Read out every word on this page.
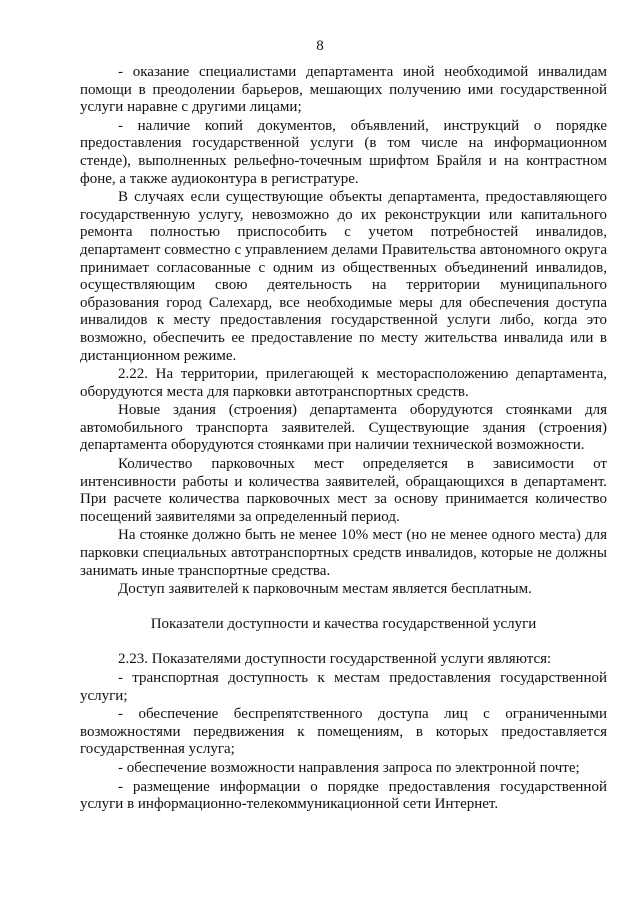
8

- оказание специалистами департамента иной необходимой инвалидам помощи в преодолении барьеров, мешающих получению ими государственной услуги наравне с другими лицами;

- наличие копий документов, объявлений, инструкций о порядке предоставления государственной услуги (в том числе на информационном стенде), выполненных рельефно-точечным шрифтом Брайля и на контрастном фоне, а также аудиоконтура в регистратуре.

В случаях если существующие объекты департамента, предоставляющего государственную услугу, невозможно до их реконструкции или капитального ремонта полностью приспособить с учетом потребностей инвалидов, департамент совместно с управлением делами Правительства автономного округа принимает согласованные с одним из общественных объединений инвалидов, осуществляющим свою деятельность на территории муниципального образования город Салехард, все необходимые меры для обеспечения доступа инвалидов к месту предоставления государственной услуги либо, когда это возможно, обеспечить ее предоставление по месту жительства инвалида или в дистанционном режиме.

2.22. На территории, прилегающей к месторасположению департамента, оборудуются места для парковки автотранспортных средств.

Новые здания (строения) департамента оборудуются стоянками для автомобильного транспорта заявителей. Существующие здания (строения) департамента оборудуются стоянками при наличии технической возможности.

Количество парковочных мест определяется в зависимости от интенсивности работы и количества заявителей, обращающихся в департамент. При расчете количества парковочных мест за основу принимается количество посещений заявителями за определенный период.

На стоянке должно быть не менее 10% мест (но не менее одного места) для парковки специальных автотранспортных средств инвалидов, которые не должны занимать иные транспортные средства.

Доступ заявителей к парковочным местам является бесплатным.

Показатели доступности и качества государственной услуги

2.23. Показателями доступности государственной услуги являются:

- транспортная доступность к местам предоставления государственной услуги;

- обеспечение беспрепятственного доступа лиц с ограниченными возможностями передвижения к помещениям, в которых предоставляется государственная услуга;

- обеспечение возможности направления запроса по электронной почте;

- размещение информации о порядке предоставления государственной услуги в информационно-телекоммуникационной сети Интернет.
